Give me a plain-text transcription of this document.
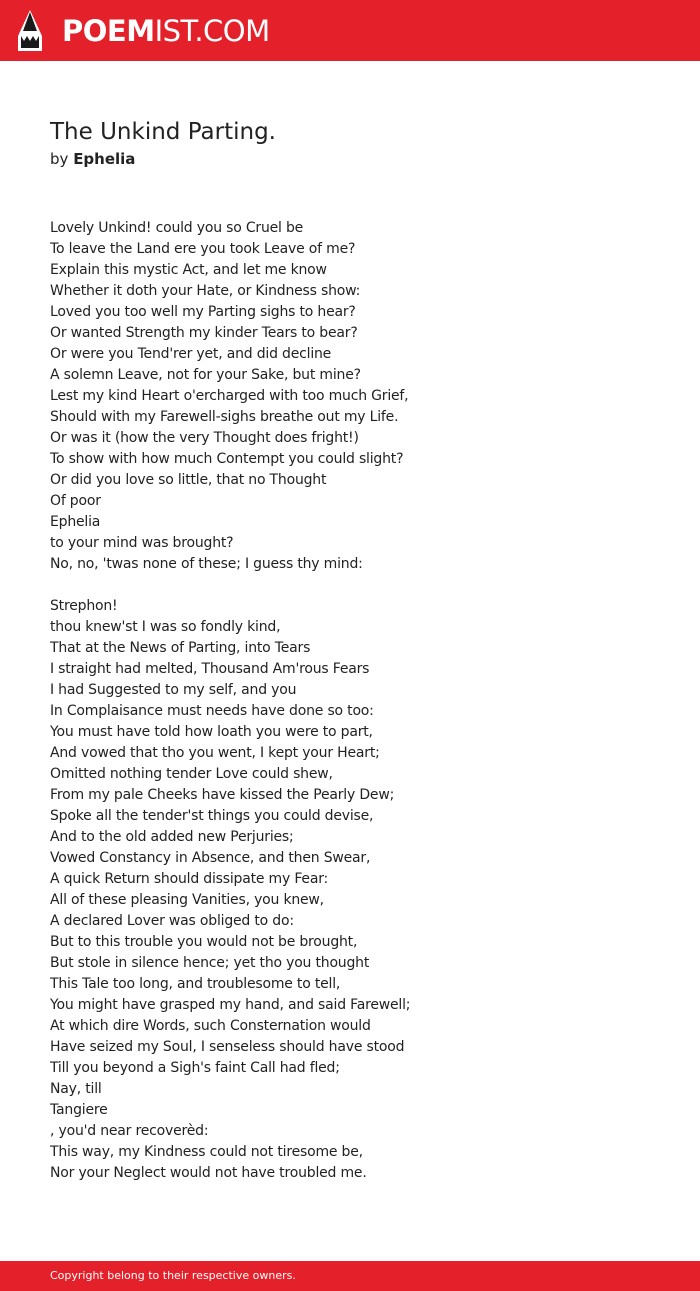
POEMIST.COM
The Unkind Parting.
by Ephelia
Lovely Unkind! could you so Cruel be
To leave the Land ere you took Leave of me?
Explain this mystic Act, and let me know
Whether it doth your Hate, or Kindness show:
Loved you too well my Parting sighs to hear?
Or wanted Strength my kinder Tears to bear?
Or were you Tend'rer yet, and did decline
A solemn Leave, not for your Sake, but mine?
Lest my kind Heart o'ercharged with too much Grief,
Should with my Farewell-sighs breathe out my Life.
Or was it (how the very Thought does fright!)
To show with how much Contempt you could slight?
Or did you love so little, that no Thought
Of poor
Ephelia
to your mind was brought?
No, no, 'twas none of these; I guess thy mind:
Strephon!
thou knew'st I was so fondly kind,
That at the News of Parting, into Tears
I straight had melted, Thousand Am'rous Fears
I had Suggested to my self, and you
In Complaisance must needs have done so too:
You must have told how loath you were to part,
And vowed that tho you went, I kept your Heart;
Omitted nothing tender Love could shew,
From my pale Cheeks have kissed the Pearly Dew;
Spoke all the tender'st things you could devise,
And to the old added new Perjuries;
Vowed Constancy in Absence, and then Swear,
A quick Return should dissipate my Fear:
All of these pleasing Vanities, you knew,
A declared Lover was obliged to do:
But to this trouble you would not be brought,
But stole in silence hence; yet tho you thought
This Tale too long, and troublesome to tell,
You might have grasped my hand, and said Farewell;
At which dire Words, such Consternation would
Have seized my Soul, I senseless should have stood
Till you beyond a Sigh's faint Call had fled;
Nay, till
Tangiere
, you'd near recoverèd:
This way, my Kindness could not tiresome be,
Nor your Neglect would not have troubled me.
Copyright belong to their respective owners.
